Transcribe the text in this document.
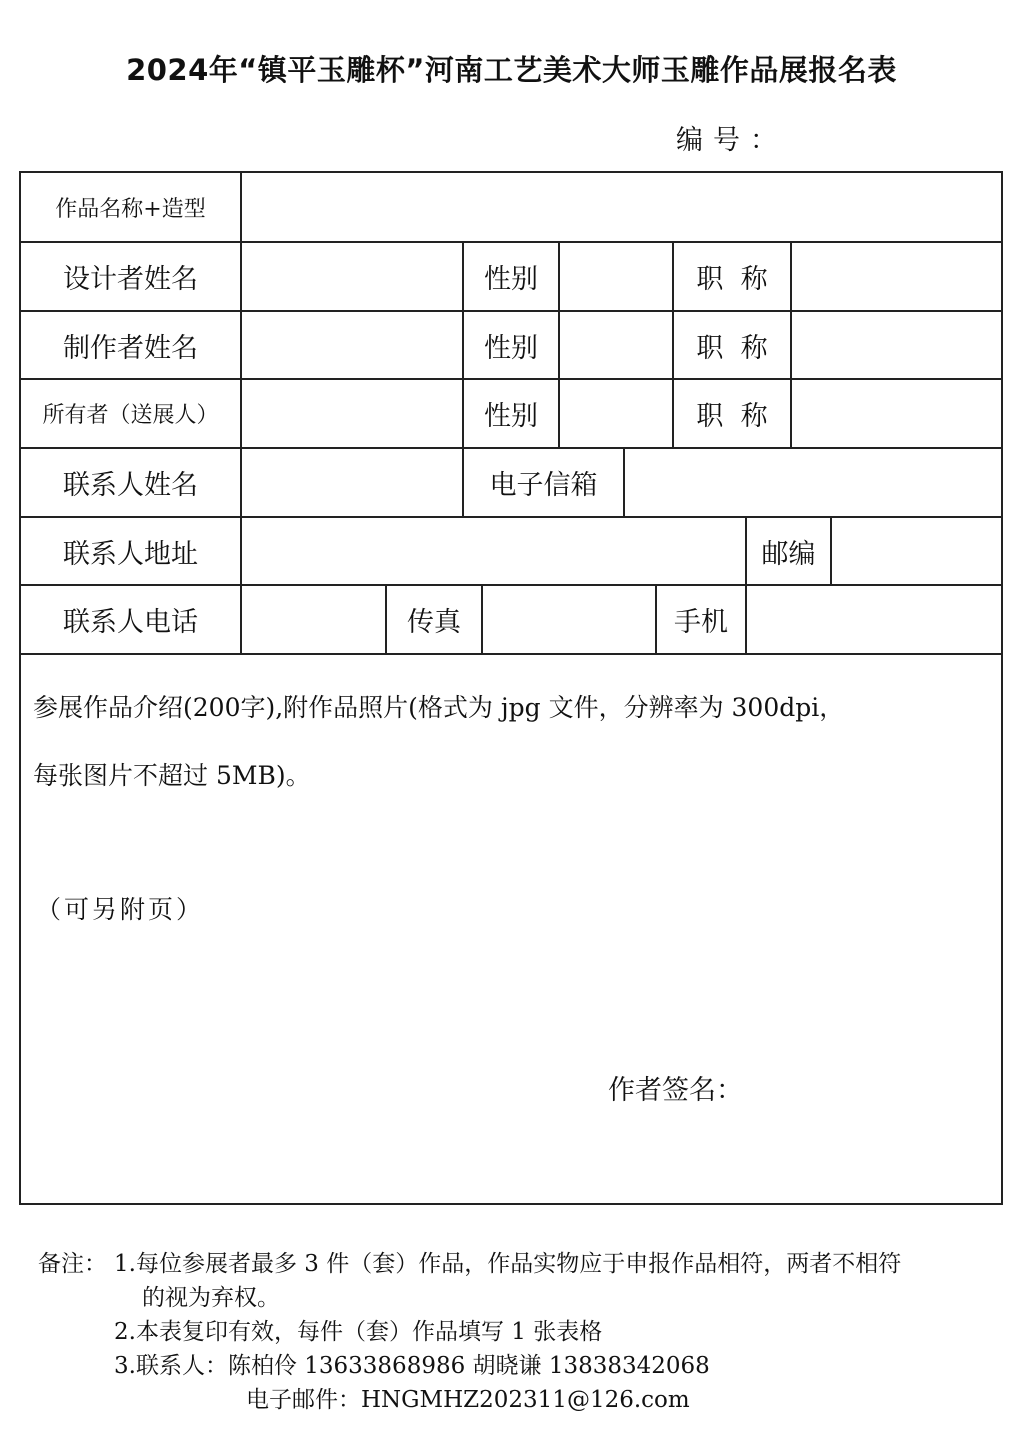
2024年“镇平玉雕杯”河南工艺美术大师玉雕作品展报名表
编号：
作品名称+造型
设计者姓名	性别	职  称
制作者姓名	性别	职  称
所有者（送展人）	性别	职  称
联系人姓名	电子信箱
联系人地址	邮编
联系人电话	传真	手机
参展作品介绍(200字),附作品照片(格式为 jpg 文件，分辨率为 300dpi，
每张图片不超过 5MB)。
（可另附页）
作者签名：
备注： 1.每位参展者最多 3 件（套）作品，作品实物应于申报作品相符，两者不相符
的视为弃权。
2.本表复印有效，每件（套）作品填写 1 张表格
3.联系人：陈柏伶 13633868986 胡晓谦 13838342068
电子邮件：HNGMHZ202311@126.com
